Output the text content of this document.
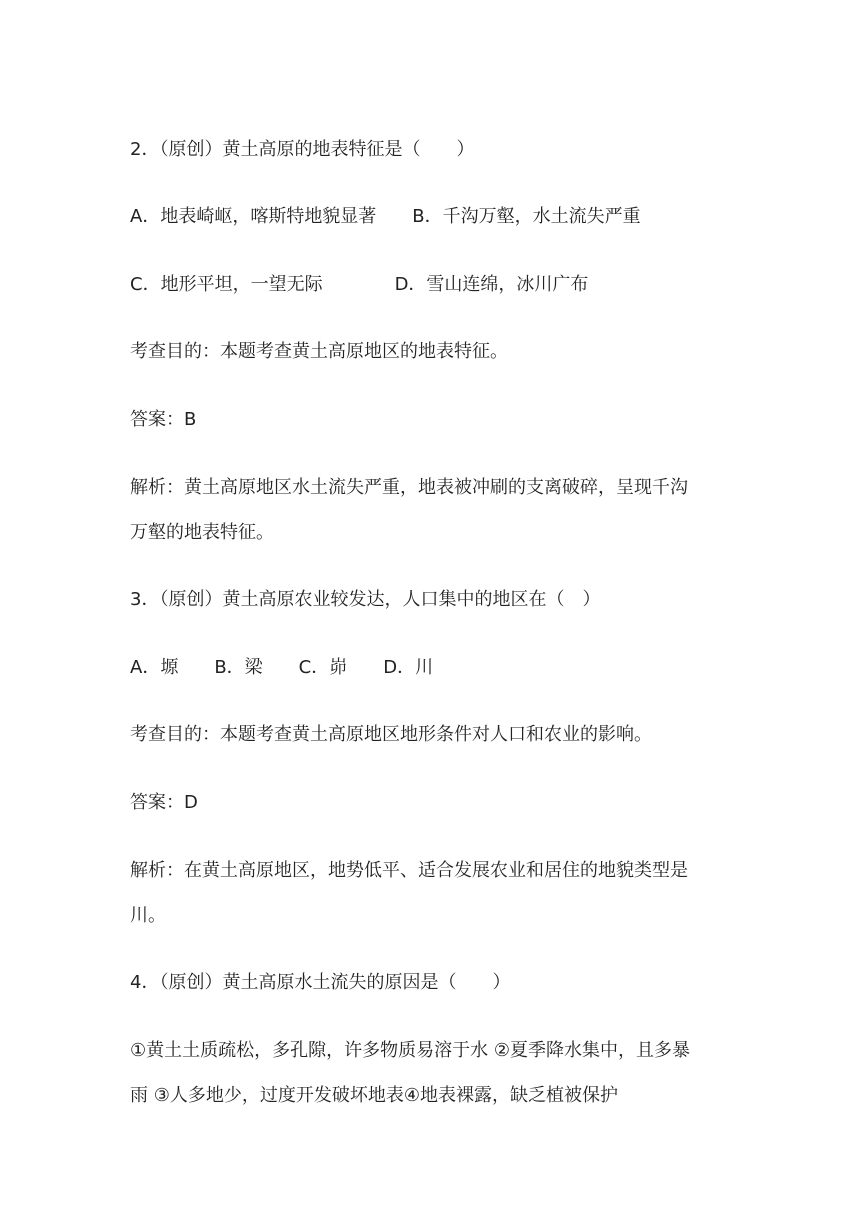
2．（原创）黄土高原的地表特征是（　　）
A．地表崎岖，喀斯特地貌显著　　B．千沟万壑，水土流失严重
C．地形平坦，一望无际　　　　D．雪山连绵，冰川广布
考查目的：本题考查黄土高原地区的地表特征。
答案：B
解析：黄土高原地区水土流失严重，地表被冲刷的支离破碎，呈现千沟
万壑的地表特征。
3．（原创）黄土高原农业较发达，人口集中的地区在（　）
A．塬　　B．梁　　C．峁　　D．川
考查目的：本题考查黄土高原地区地形条件对人口和农业的影响。
答案：D
解析：在黄土高原地区，地势低平、适合发展农业和居住的地貌类型是
川。
4．（原创）黄土高原水土流失的原因是（　　）
①黄土土质疏松，多孔隙，许多物质易溶于水 ②夏季降水集中，且多暴
雨 ③人多地少，过度开发破坏地表④地表裸露，缺乏植被保护
